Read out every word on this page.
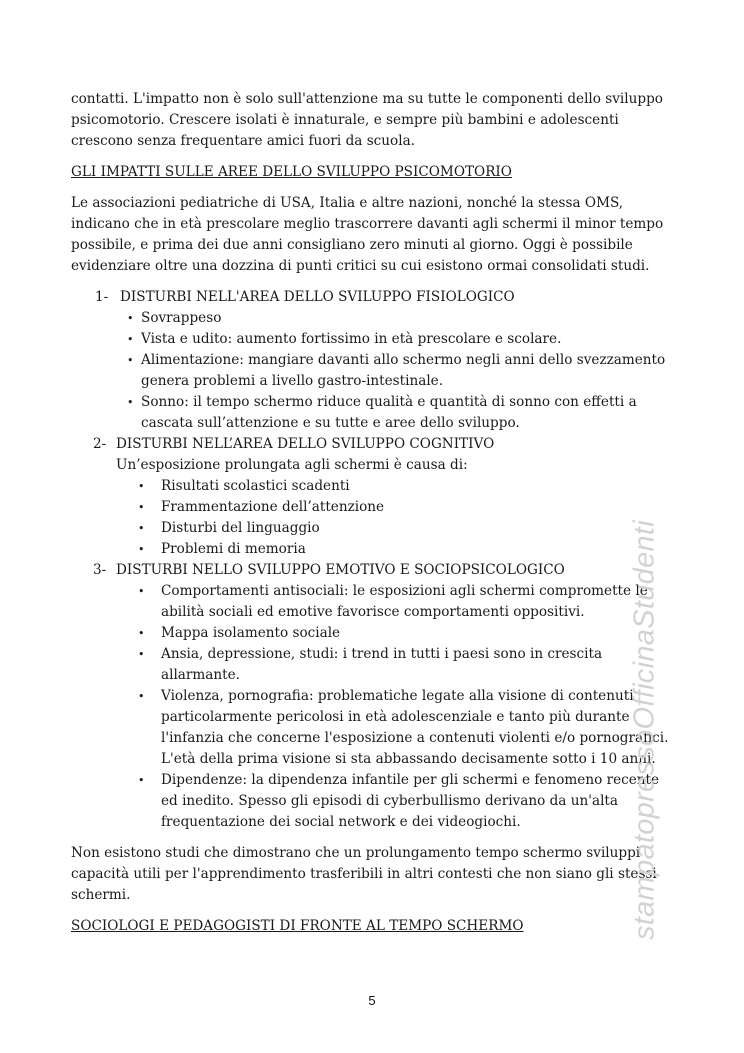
contatti. L'impatto non è solo sull'attenzione ma su tutte le componenti dello sviluppo psicomotorio. Crescere isolati è innaturale, e sempre più bambini e adolescenti crescono senza frequentare amici fuori da scuola.

GLI IMPATTI SULLE AREE DELLO SVILUPPO PSICOMOTORIO

Le associazioni pediatriche di USA, Italia e altre nazioni, nonché la stessa OMS, indicano che in età prescolare meglio trascorrere davanti agli schermi il minor tempo possibile, e prima dei due anni consigliano zero minuti al giorno. Oggi è possibile evidenziare oltre una dozzina di punti critici su cui esistono ormai consolidati studi.

1- DISTURBI NELL'AREA DELLO SVILUPPO FISIOLOGICO
• Sovrappeso
• Vista e udito: aumento fortissimo in età prescolare e scolare.
• Alimentazione: mangiare davanti allo schermo negli anni dello svezzamento genera problemi a livello gastro-intestinale.
• Sonno: il tempo schermo riduce qualità e quantità di sonno con effetti a cascata sull’attenzione e su tutte e aree dello sviluppo.
2- DISTURBI NELL’AREA DELLO SVILUPPO COGNITIVO

Un’esposizione prolungata agli schermi è causa di:

• Risultati scolastici scadenti
• Frammentazione dell’attenzione
• Disturbi del linguaggio
• Problemi di memoria
3- DISTURBI NELLO SVILUPPO EMOTIVO E SOCIOPSICOLOGICO
• Comportamenti antisociali: le esposizioni agli schermi compromette le abilità sociali ed emotive favorisce comportamenti oppositivi.
• Mappa isolamento sociale
• Ansia, depressione, studi: i trend in tutti i paesi sono in crescita allarmante.
• Violenza, pornografia: problematiche legate alla visione di contenuti particolarmente pericolosi in età adolescenziale e tanto più durante l'infanzia che concerne l'esposizione a contenuti violenti e/o pornografici. L'età della prima visione si sta abbassando decisamente sotto i 10 anni.
• Dipendenze: la dipendenza infantile per gli schermi e fenomeno recente ed inedito. Spesso gli episodi di cyberbullismo derivano da un'alta frequentazione dei social network e dei videogiochi.

Non esistono studi che dimostrano che un prolungamento tempo schermo sviluppi capacità utili per l'apprendimento trasferibili in altri contesti che non siano gli stessi schermi.

SOCIOLOGI E PEDAGOGISTI DI FRONTE AL TEMPO SCHERMO	stampatopressoOfficinaStudenti
5
